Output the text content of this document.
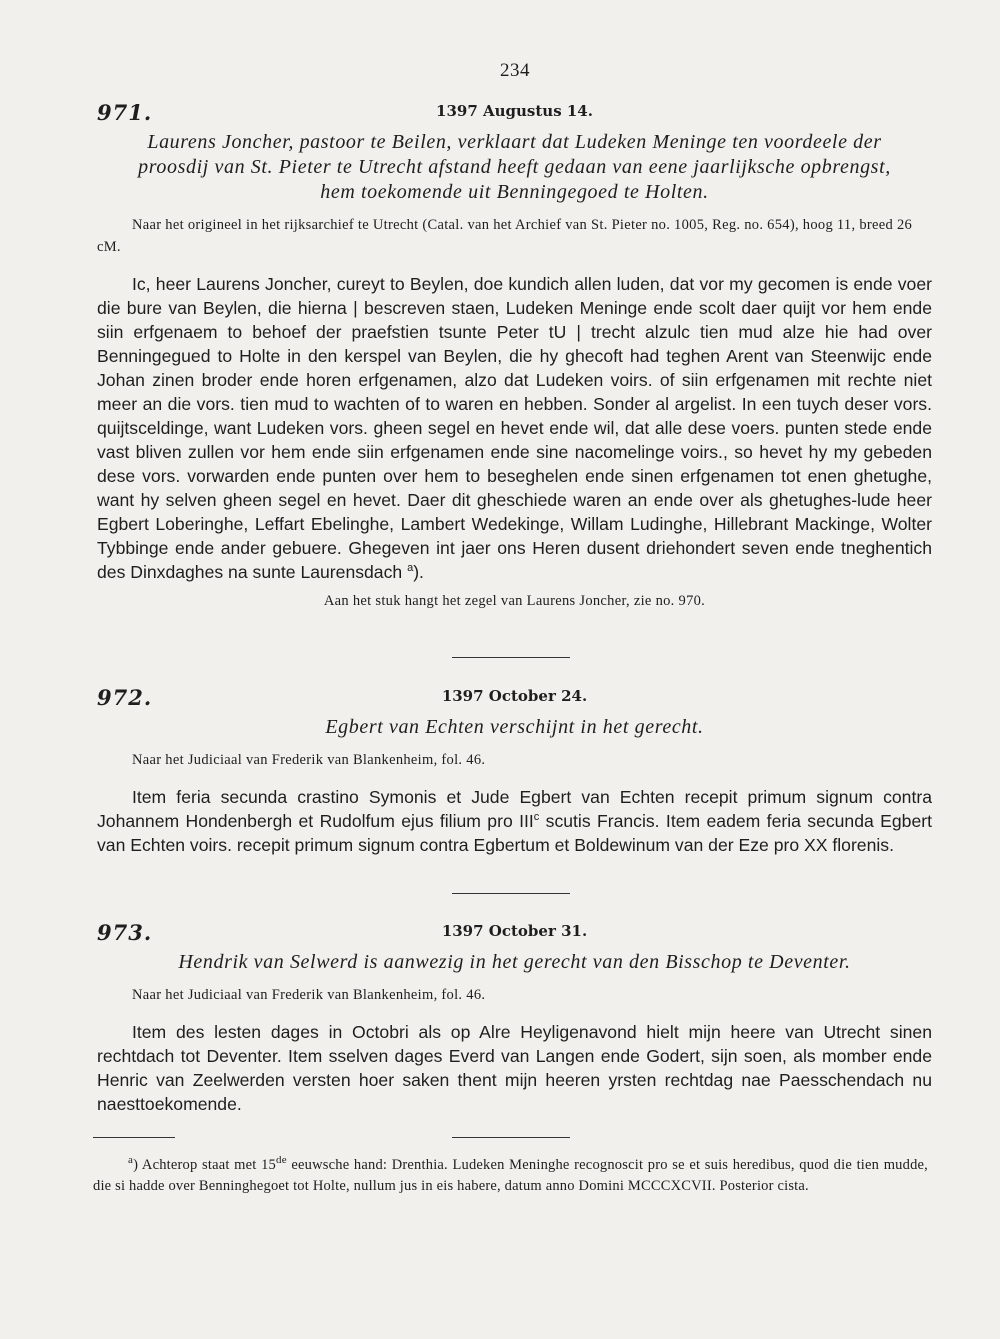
234
971.	1397 Augustus 14.
Laurens Joncher, pastoor te Beilen, verklaart dat Ludeken Meninge ten voordeele der proosdij van St. Pieter te Utrecht afstand heeft gedaan van eene jaarlijksche opbrengst, hem toekomende uit Benningegoed te Holten.
Naar het origineel in het rijksarchief te Utrecht (Catal. van het Archief van St. Pieter no. 1005, Reg. no. 654), hoog 11, breed 26 cM.
Ic, heer Laurens Joncher, cureyt to Beylen, doe kundich allen luden, dat vor my gecomen is ende voer die bure van Beylen, die hierna | bescreven staen, Ludeken Meninge ende scolt daer quijt vor hem ende siin erfgenaem to behoef der praefstien tsunte Peter tU | trecht alzulc tien mud alze hie had over Benningegued to Holte in den kerspel van Beylen, die hy ghecoft had teghen Arent van Steenwijc ende Johan zinen broder ende horen erfgenamen, alzo dat Ludeken voirs. of siin erfgenamen mit rechte niet meer an die vors. tien mud to wachten of to waren en hebben. Sonder al argelist. In een tuych deser vors. quijtsceldinge, want Ludeken vors. gheen segel en hevet ende wil, dat alle dese voers. punten stede ende vast bliven zullen vor hem ende siin erfgenamen ende sine nacomelinge voirs., so hevet hy my gebeden dese vors. vorwarden ende punten over hem to beseghelen ende sinen erfgenamen tot enen ghetughe, want hy selven gheen segel en hevet. Daer dit gheschiede waren an ende over als ghetughes-lude heer Egbert Loberinghe, Leffart Ebelinghe, Lambert Wedekinge, Willam Ludinghe, Hillebrant Mackinge, Wolter Tybbinge ende ander gebuere. Ghegeven int jaer ons Heren dusent driehondert seven ende tneghentich des Dinxdaghes na sunte Laurensdach $^a$).
Aan het stuk hangt het zegel van Laurens Joncher, zie no. 970.
972.	1397 October 24.
Egbert van Echten verschijnt in het gerecht.
Naar het Judiciaal van Frederik van Blankenheim, fol. 46.
Item feria secunda crastino Symonis et Jude Egbert van Echten recepit primum signum contra Johannem Hondenbergh et Rudolfum ejus filium pro III$^c$ scutis Francis. Item eadem feria secunda Egbert van Echten voirs. recepit primum signum contra Egbertum et Boldewinum van der Eze pro XX florenis.
973.	1397 October 31.
Hendrik van Selwerd is aanwezig in het gerecht van den Bisschop te Deventer.
Naar het Judiciaal van Frederik van Blankenheim, fol. 46.
Item des lesten dages in Octobri als op Alre Heyligenavond hielt mijn heere van Utrecht sinen rechtdach tot Deventer. Item sselven dages Everd van Langen ende Godert, sijn soen, als momber ende Henric van Zeelwerden versten hoer saken thent mijn heeren yrsten rechtdag nae Paesschendach nu naesttoekomende.
$^a$) Achterop staat met 15de eeuwsche hand: Drenthia. Ludeken Meninghe recognoscit pro se et suis heredibus, quod die tien mudde, die si hadde over Benninghegoet tot Holte, nullum jus in eis habere, datum anno Domini MCCCXCVII. Posterior cista.
